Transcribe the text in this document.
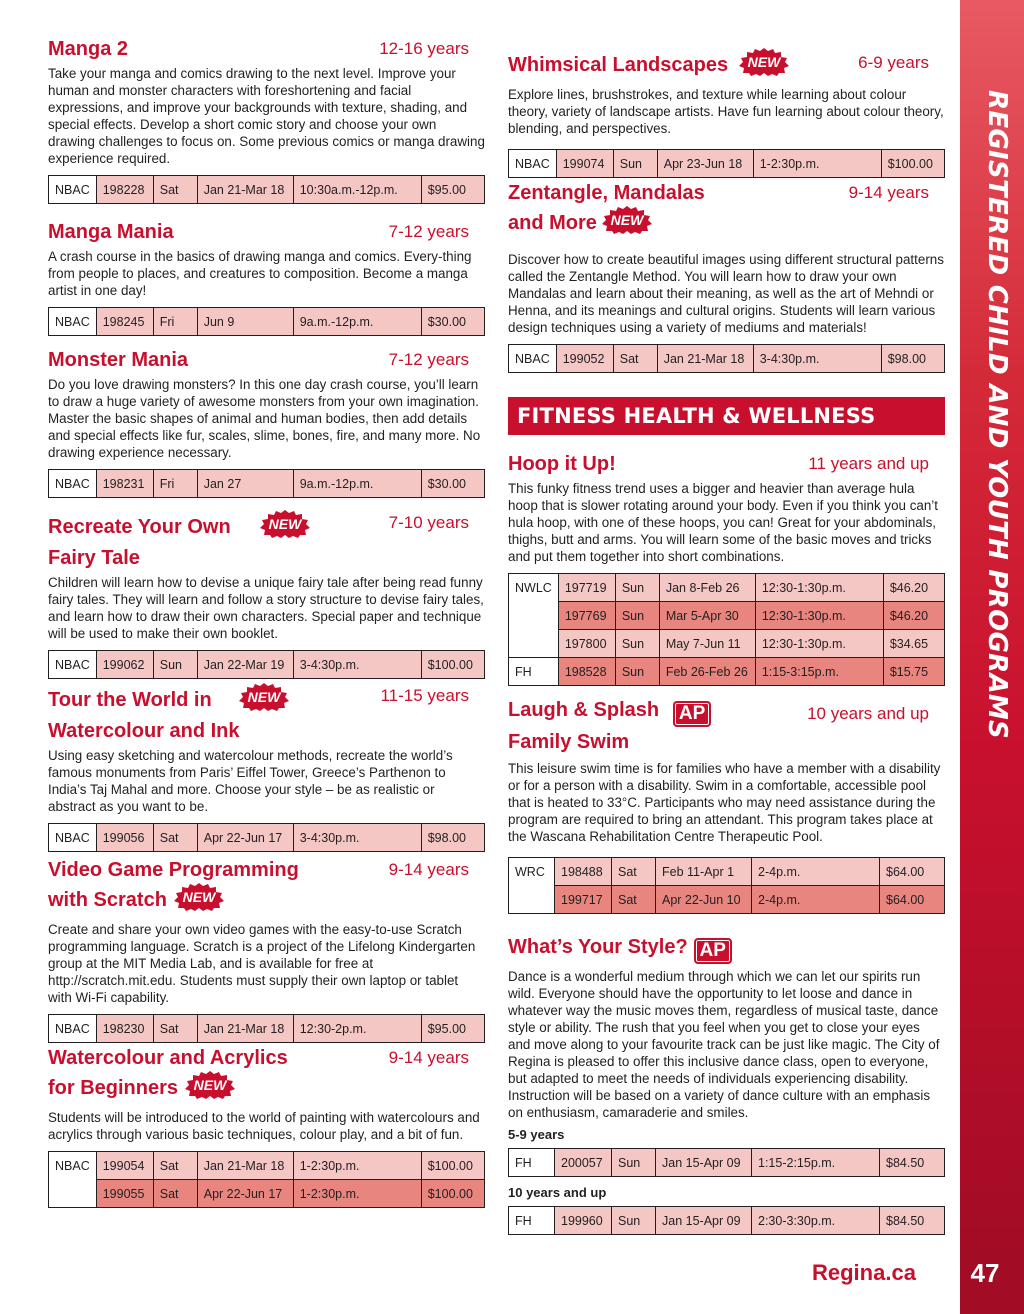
Manga 2	12-16 years
Take your manga and comics drawing to the next level. Improve your human and monster characters with foreshortening and facial expressions, and improve your backgrounds with texture, shading, and special effects. Develop a short comic story and choose your own drawing challenges to focus on. Some previous comics or manga drawing experience required.
NBAC	198228	Sat	Jan 21-Mar 18	10:30a.m.-12p.m.	$95.00
Manga Mania	7-12 years
A crash course in the basics of drawing manga and comics. Every-thing from people to places, and creatures to composition. Become a manga artist in one day!
NBAC	198245	Fri	Jun 9	9a.m.-12p.m.	$30.00
Monster Mania	7-12 years
Do you love drawing monsters? In this one day crash course, you’ll learn to draw a huge variety of awesome monsters from your own imagination. Master the basic shapes of animal and human bodies, then add details and special effects like fur, scales, slime, bones, fire, and many more. No drawing experience necessary.
NBAC	198231	Fri	Jan 27	9a.m.-12p.m.	$30.00
Recreate Your Own	NEW
Fairy Tale
7-10 years
Children will learn how to devise a unique fairy tale after being read funny fairy tales. They will learn and follow a story structure to devise fairy tales, and learn how to draw their own characters. Special paper and technique will be used to make their own booklet.
NBAC	199062	Sun	Jan 22-Mar 19	3-4:30p.m.	$100.00
Tour the World in	NEW
Watercolour and Ink
11-15 years
Using easy sketching and watercolour methods, recreate the world’s famous monuments from Paris’ Eiffel Tower, Greece’s Parthenon to India’s Taj Mahal and more. Choose your style – be as realistic or abstract as you want to be.
NBAC	199056	Sat	Apr 22-Jun 17	3-4:30p.m.	$98.00
Video Game Programming
with Scratch NEW
9-14 years
Create and share your own video games with the easy-to-use Scratch programming language. Scratch is a project of the Lifelong Kindergarten group at the MIT Media Lab, and is available for free at http://scratch.mit.edu. Students must supply their own laptop or tablet with Wi-Fi capability.
NBAC	198230	Sat	Jan 21-Mar 18	12:30-2p.m.	$95.00
Watercolour and Acrylics
for Beginners NEW
9-14 years
Students will be introduced to the world of painting with watercolours and acrylics through various basic techniques, colour play, and a bit of fun.
NBAC	199054	Sat	Jan 21-Mar 18	1-2:30p.m.	$100.00
	199055	Sat	Apr 22-Jun 17	1-2:30p.m.	$100.00
Whimsical Landscapes NEW	6-9 years
Explore lines, brushstrokes, and texture while learning about colour theory, variety of landscape artists. Have fun learning about colour theory, blending, and perspectives.
NBAC	199074	Sun	Apr 23-Jun 18	1-2:30p.m.	$100.00
Zentangle, Mandalas
and More NEW
9-14 years
Discover how to create beautiful images using different structural patterns called the Zentangle Method. You will learn how to draw your own Mandalas and learn about their meaning, as well as the art of Mehndi or Henna, and its meanings and cultural origins. Students will learn various design techniques using a variety of mediums and materials!
NBAC	199052	Sat	Jan 21-Mar 18	3-4:30p.m.	$98.00
FITNESS HEALTH & WELLNESS
Hoop it Up!	11 years and up
This funky fitness trend uses a bigger and heavier than average hula hoop that is slower rotating around your body. Even if you think you can’t hula hoop, with one of these hoops, you can! Great for your abdominals, thighs, butt and arms. You will learn some of the basic moves and tricks and put them together into short combinations.
NWLC	197719	Sun	Jan 8-Feb 26	12:30-1:30p.m.	$46.20
	197769	Sun	Mar 5-Apr 30	12:30-1:30p.m.	$46.20
	197800	Sun	May 7-Jun 11	12:30-1:30p.m.	$34.65
FH	198528	Sun	Feb 26-Feb 26	1:15-3:15p.m.	$15.75
Laugh & Splash AP
Family Swim
10 years and up
This leisure swim time is for families who have a member with a disability or for a person with a disability. Swim in a comfortable, accessible pool that is heated to 33°C. Participants who may need assistance during the program are required to bring an attendant. This program takes place at the Wascana Rehabilitation Centre Therapeutic Pool.
WRC	198488	Sat	Feb 11-Apr 1	2-4p.m.	$64.00
	199717	Sat	Apr 22-Jun 10	2-4p.m.	$64.00
What’s Your Style? AP
Dance is a wonderful medium through which we can let our spirits run wild. Everyone should have the opportunity to let loose and dance in whatever way the music moves them, regardless of musical taste, dance style or ability. The rush that you feel when you get to close your eyes and move along to your favourite track can be just like magic. The City of Regina is pleased to offer this inclusive dance class, open to everyone, but adapted to meet the needs of individuals experiencing disability. Instruction will be based on a variety of dance culture with an emphasis on enthusiasm, camaraderie and smiles.
5-9 years
FH	200057	Sun	Jan 15-Apr 09	1:15-2:15p.m.	$84.50
10 years and up
FH	199960	Sun	Jan 15-Apr 09	2:30-3:30p.m.	$84.50
REGISTERED CHILD AND YOUTH PROGRAMS
47
Regina.ca
